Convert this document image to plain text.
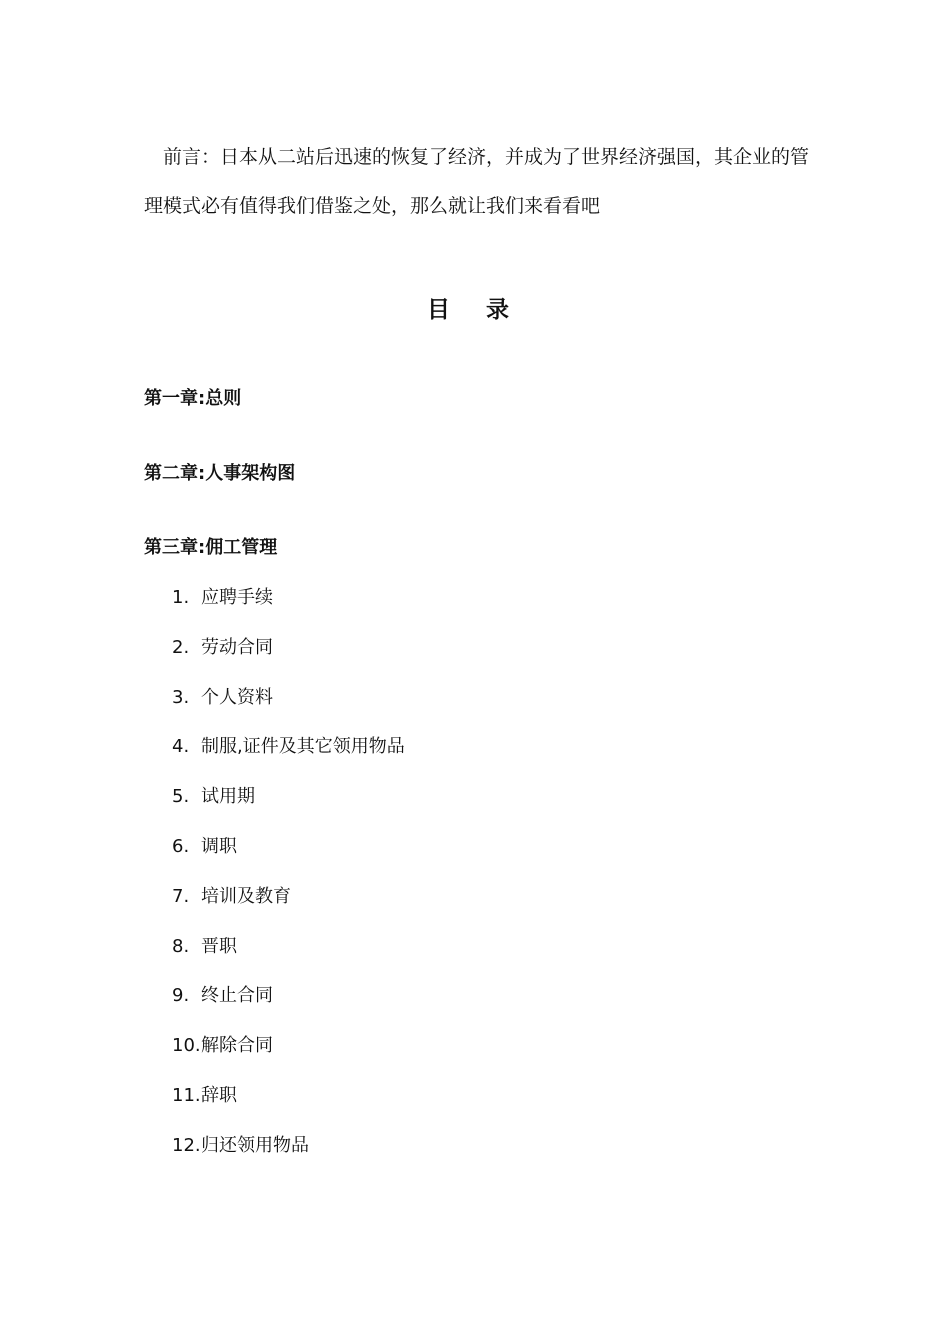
前言：日本从二站后迅速的恢复了经济，并成为了世界经济强国，其企业的管理模式必有值得我们借鉴之处，那么就让我们来看看吧

目 录
第一章:总则
第二章:人事架构图
第三章:佣工管理
1. 应聘手续
2. 劳动合同
3. 个人资料
4. 制服,证件及其它领用物品
5. 试用期
6. 调职
7. 培训及教育
8. 晋职
9. 终止合同
10. 解除合同
11. 辞职
12. 归还领用物品
